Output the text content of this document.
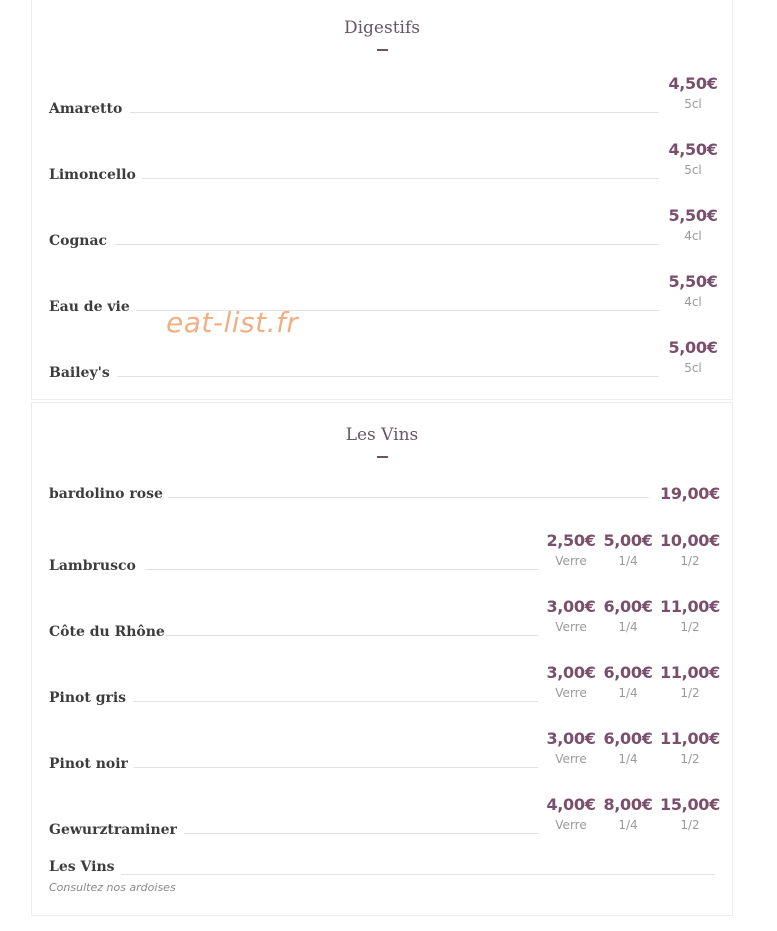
Digestifs
Amaretto
4,50€
5cl
Limoncello
4,50€
5cl
Cognac
5,50€
4cl
Eau de vie
5,50€
4cl
Bailey's
5,00€
5cl
Les Vins
bardolino rose	19,00€
Lambrusco
2,50€
Verre
5,00€
1/4
10,00€
1/2
Côte du Rhône
3,00€
Verre
6,00€
1/4
11,00€
1/2
Pinot gris
3,00€
Verre
6,00€
1/4
11,00€
1/2
Pinot noir
3,00€
Verre
6,00€
1/4
11,00€
1/2
Gewurztraminer
4,00€
Verre
8,00€
1/4
15,00€
1/2
Les Vins
Consultez nos ardoises
eat-list.fr
